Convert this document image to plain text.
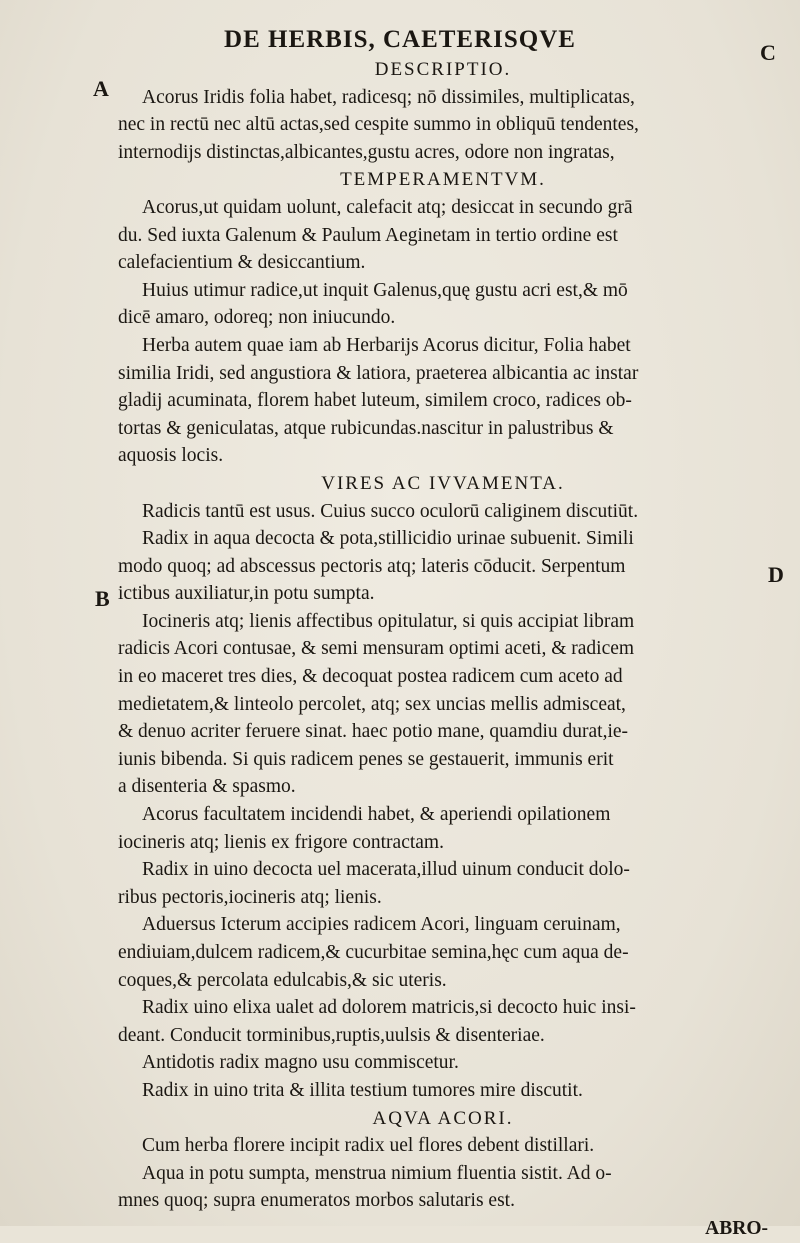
DE HERBIS, CAETERISQVE
A
C
B
D
DESCRIPTIO.
Acorus Iridis folia habet, radicesq; nō dissimiles, multiplicatas,
nec in rectū nec altū actas,sed cespite summo in obliquū tendentes,
internodijs distinctas,albicantes,gustu acres, odore non ingratas,
TEMPERAMENTVM.
Acorus,ut quidam uolunt, calefacit atq; desiccat in secundo grā
du. Sed iuxta Galenum & Paulum Aeginetam in tertio ordine est
calefacientium & desiccantium.
Huius utimur radice,ut inquit Galenus,quę gustu acri est,& mō
dicē amaro, odoreq; non iniucundo.
Herba autem quae iam ab Herbarijs Acorus dicitur, Folia habet
similia Iridi, sed angustiora & latiora, praeterea albicantia ac instar
gladij acuminata, florem habet luteum, similem croco, radices ob-
tortas & geniculatas, atque rubicundas.nascitur in palustribus &
aquosis locis.
VIRES AC IVVAMENTA.
Radicis tantū est usus. Cuius succo oculorū caliginem discutiūt.
Radix in aqua decocta & pota,stillicidio urinae subuenit. Simili
modo quoq; ad abscessus pectoris atq; lateris cōducit. Serpentum
ictibus auxiliatur,in potu sumpta.
Iocineris atq; lienis affectibus opitulatur, si quis accipiat libram
radicis Acori contusae, & semi mensuram optimi aceti, & radicem
in eo maceret tres dies, & decoquat postea radicem cum aceto ad
medietatem,& linteolo percolet, atq; sex uncias mellis admisceat,
& denuo acriter feruere sinat. haec potio mane, quamdiu durat,ie-
iunis bibenda. Si quis radicem penes se gestauerit, immunis erit
a disenteria & spasmo.
Acorus facultatem incidendi habet, & aperiendi opilationem
iocineris atq; lienis ex frigore contractam.
Radix in uino decocta uel macerata,illud uinum conducit dolo-
ribus pectoris,iocineris atq; lienis.
Aduersus Icterum accipies radicem Acori, linguam ceruinam,
endiuiam,dulcem radicem,& cucurbitae semina,hęc cum aqua de-
coques,& percolata edulcabis,& sic uteris.
Radix uino elixa ualet ad dolorem matricis,si decocto huic insi-
deant. Conducit torminibus,ruptis,uulsis & disenteriae.
Antidotis radix magno usu commiscetur.
Radix in uino trita & illita testium tumores mire discutit.
AQVA ACORI.
Cum herba florere incipit radix uel flores debent distillari.
Aqua in potu sumpta, menstrua nimium fluentia sistit. Ad o-
mnes quoq; supra enumeratos morbos salutaris est.
ABRO-
